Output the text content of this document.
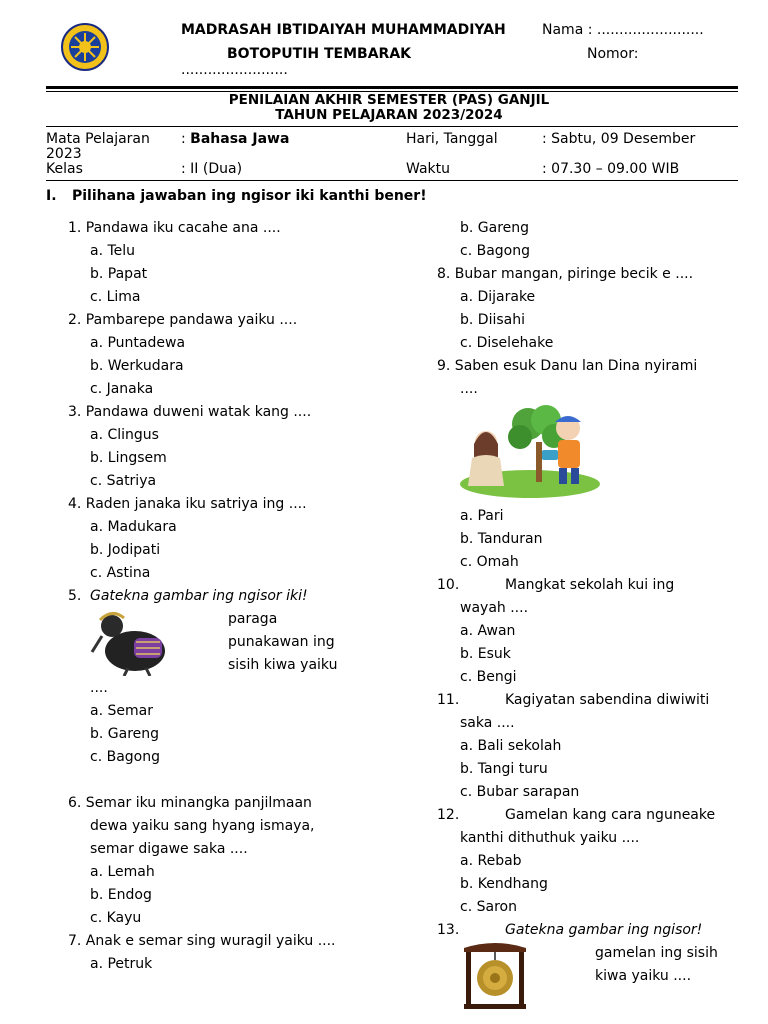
MADRASAH IBTIDAIYAH MUHAMMADIYAH	Nama : ........................
BOTOPUTIH TEMBARAK	Nomor:
........................
PENILAIAN AKHIR SEMESTER (PAS) GANJIL
TAHUN PELAJARAN 2023/2024
Mata Pelajaran : Bahasa Jawa	Hari, Tanggal	: Sabtu, 09 Desember
2023
Kelas	: II (Dua)	Waktu	: 07.30 – 09.00 WIB
I. Pilihana jawaban ing ngisor iki kanthi bener!
1. Pandawa iku cacahe ana ....
a. Telu
b. Papat
c. Lima
2. Pambarepe pandawa yaiku ....
a. Puntadewa
b. Werkudara
c. Janaka
3. Pandawa duweni watak kang ....
a. Clingus
b. Lingsem
c. Satriya
4. Raden janaka iku satriya ing ....
a. Madukara
b. Jodipati
c. Astina
5. Gatekna gambar ing ngisor iki!
paraga
punakawan ing
sisih kiwa yaiku
....
a. Semar
b. Gareng
c. Bagong
6. Semar iku minangka panjilmaan
dewa yaiku sang hyang ismaya,
semar digawe saka ....
a. Lemah
b. Endog
c. Kayu
7. Anak e semar sing wuragil yaiku ....
a. Petruk
b. Gareng
c. Bagong
8. Bubar mangan, piringe becik e ....
a. Dijarake
b. Diisahi
c. Diselehake
9. Saben esuk Danu lan Dina nyirami
....
a. Pari
b. Tanduran
c. Omah
10.	Mangkat sekolah kui ing
wayah ....
a. Awan
b. Esuk
c. Bengi
11.	Kagiyatan sabendina diwiwiti
saka ....
a. Bali sekolah
b. Tangi turu
c. Bubar sarapan
12.	Gamelan kang cara nguneake
kanthi dithuthuk yaiku ....
a. Rebab
b. Kendhang
c. Saron
13.	Gatekna gambar ing ngisor!
gamelan ing sisih
kiwa yaiku ....
